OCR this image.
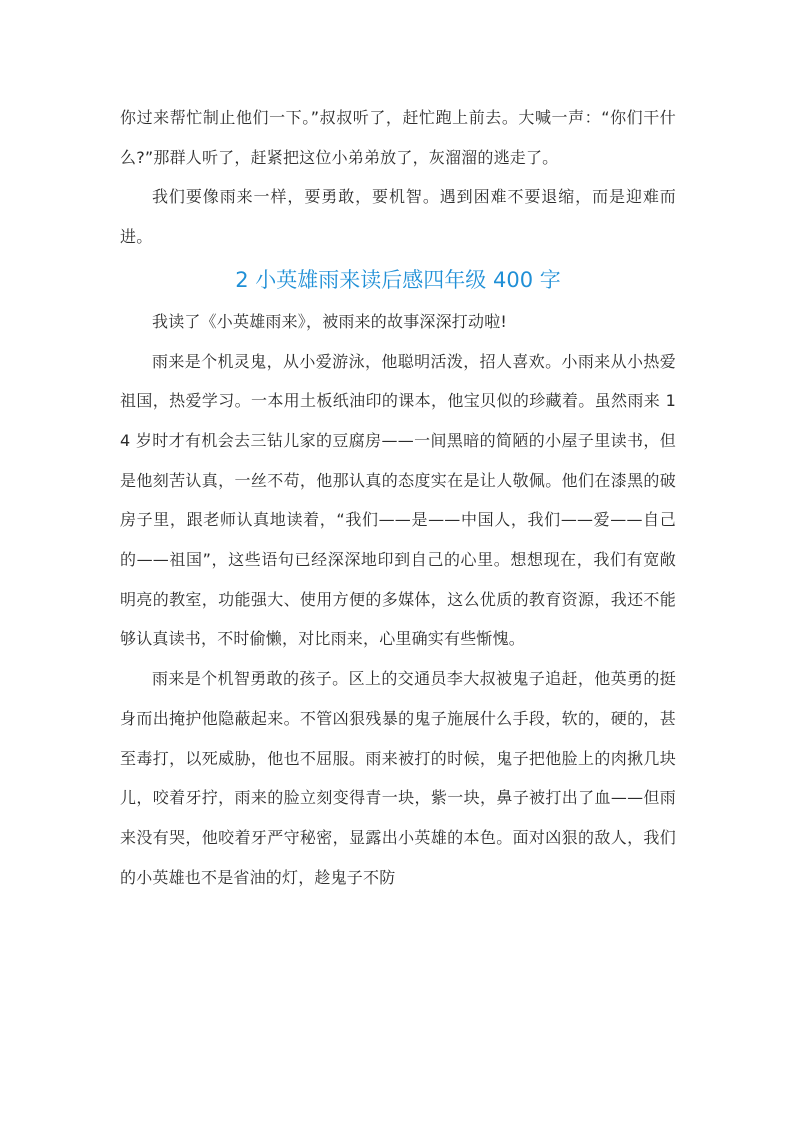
你过来帮忙制止他们一下。”叔叔听了，赶忙跑上前去。大喊一声：“你们干什么?”那群人听了，赶紧把这位小弟弟放了，灰溜溜的逃走了。

我们要像雨来一样，要勇敢，要机智。遇到困难不要退缩，而是迎难而进。

2 小英雄雨来读后感四年级 400 字

我读了《小英雄雨来》，被雨来的故事深深打动啦!

雨来是个机灵鬼，从小爱游泳，他聪明活泼，招人喜欢。小雨来从小热爱祖国，热爱学习。一本用土板纸油印的课本，他宝贝似的珍藏着。虽然雨来 14 岁时才有机会去三钻儿家的豆腐房——一间黑暗的简陋的小屋子里读书，但是他刻苦认真，一丝不苟，他那认真的态度实在是让人敬佩。他们在漆黑的破房子里，跟老师认真地读着，“我们——是——中国人，我们——爱——自己的——祖国”，这些语句已经深深地印到自己的心里。想想现在，我们有宽敞明亮的教室，功能强大、使用方便的多媒体，这么优质的教育资源，我还不能够认真读书，不时偷懒，对比雨来，心里确实有些惭愧。

雨来是个机智勇敢的孩子。区上的交通员李大叔被鬼子追赶，他英勇的挺身而出掩护他隐蔽起来。不管凶狠残暴的鬼子施展什么手段，软的，硬的，甚至毒打，以死威胁，他也不屈服。雨来被打的时候，鬼子把他脸上的肉揪几块儿，咬着牙拧，雨来的脸立刻变得青一块，紫一块，鼻子被打出了血——但雨来没有哭，他咬着牙严守秘密，显露出小英雄的本色。面对凶狠的敌人，我们的小英雄也不是省油的灯，趁鬼子不防
